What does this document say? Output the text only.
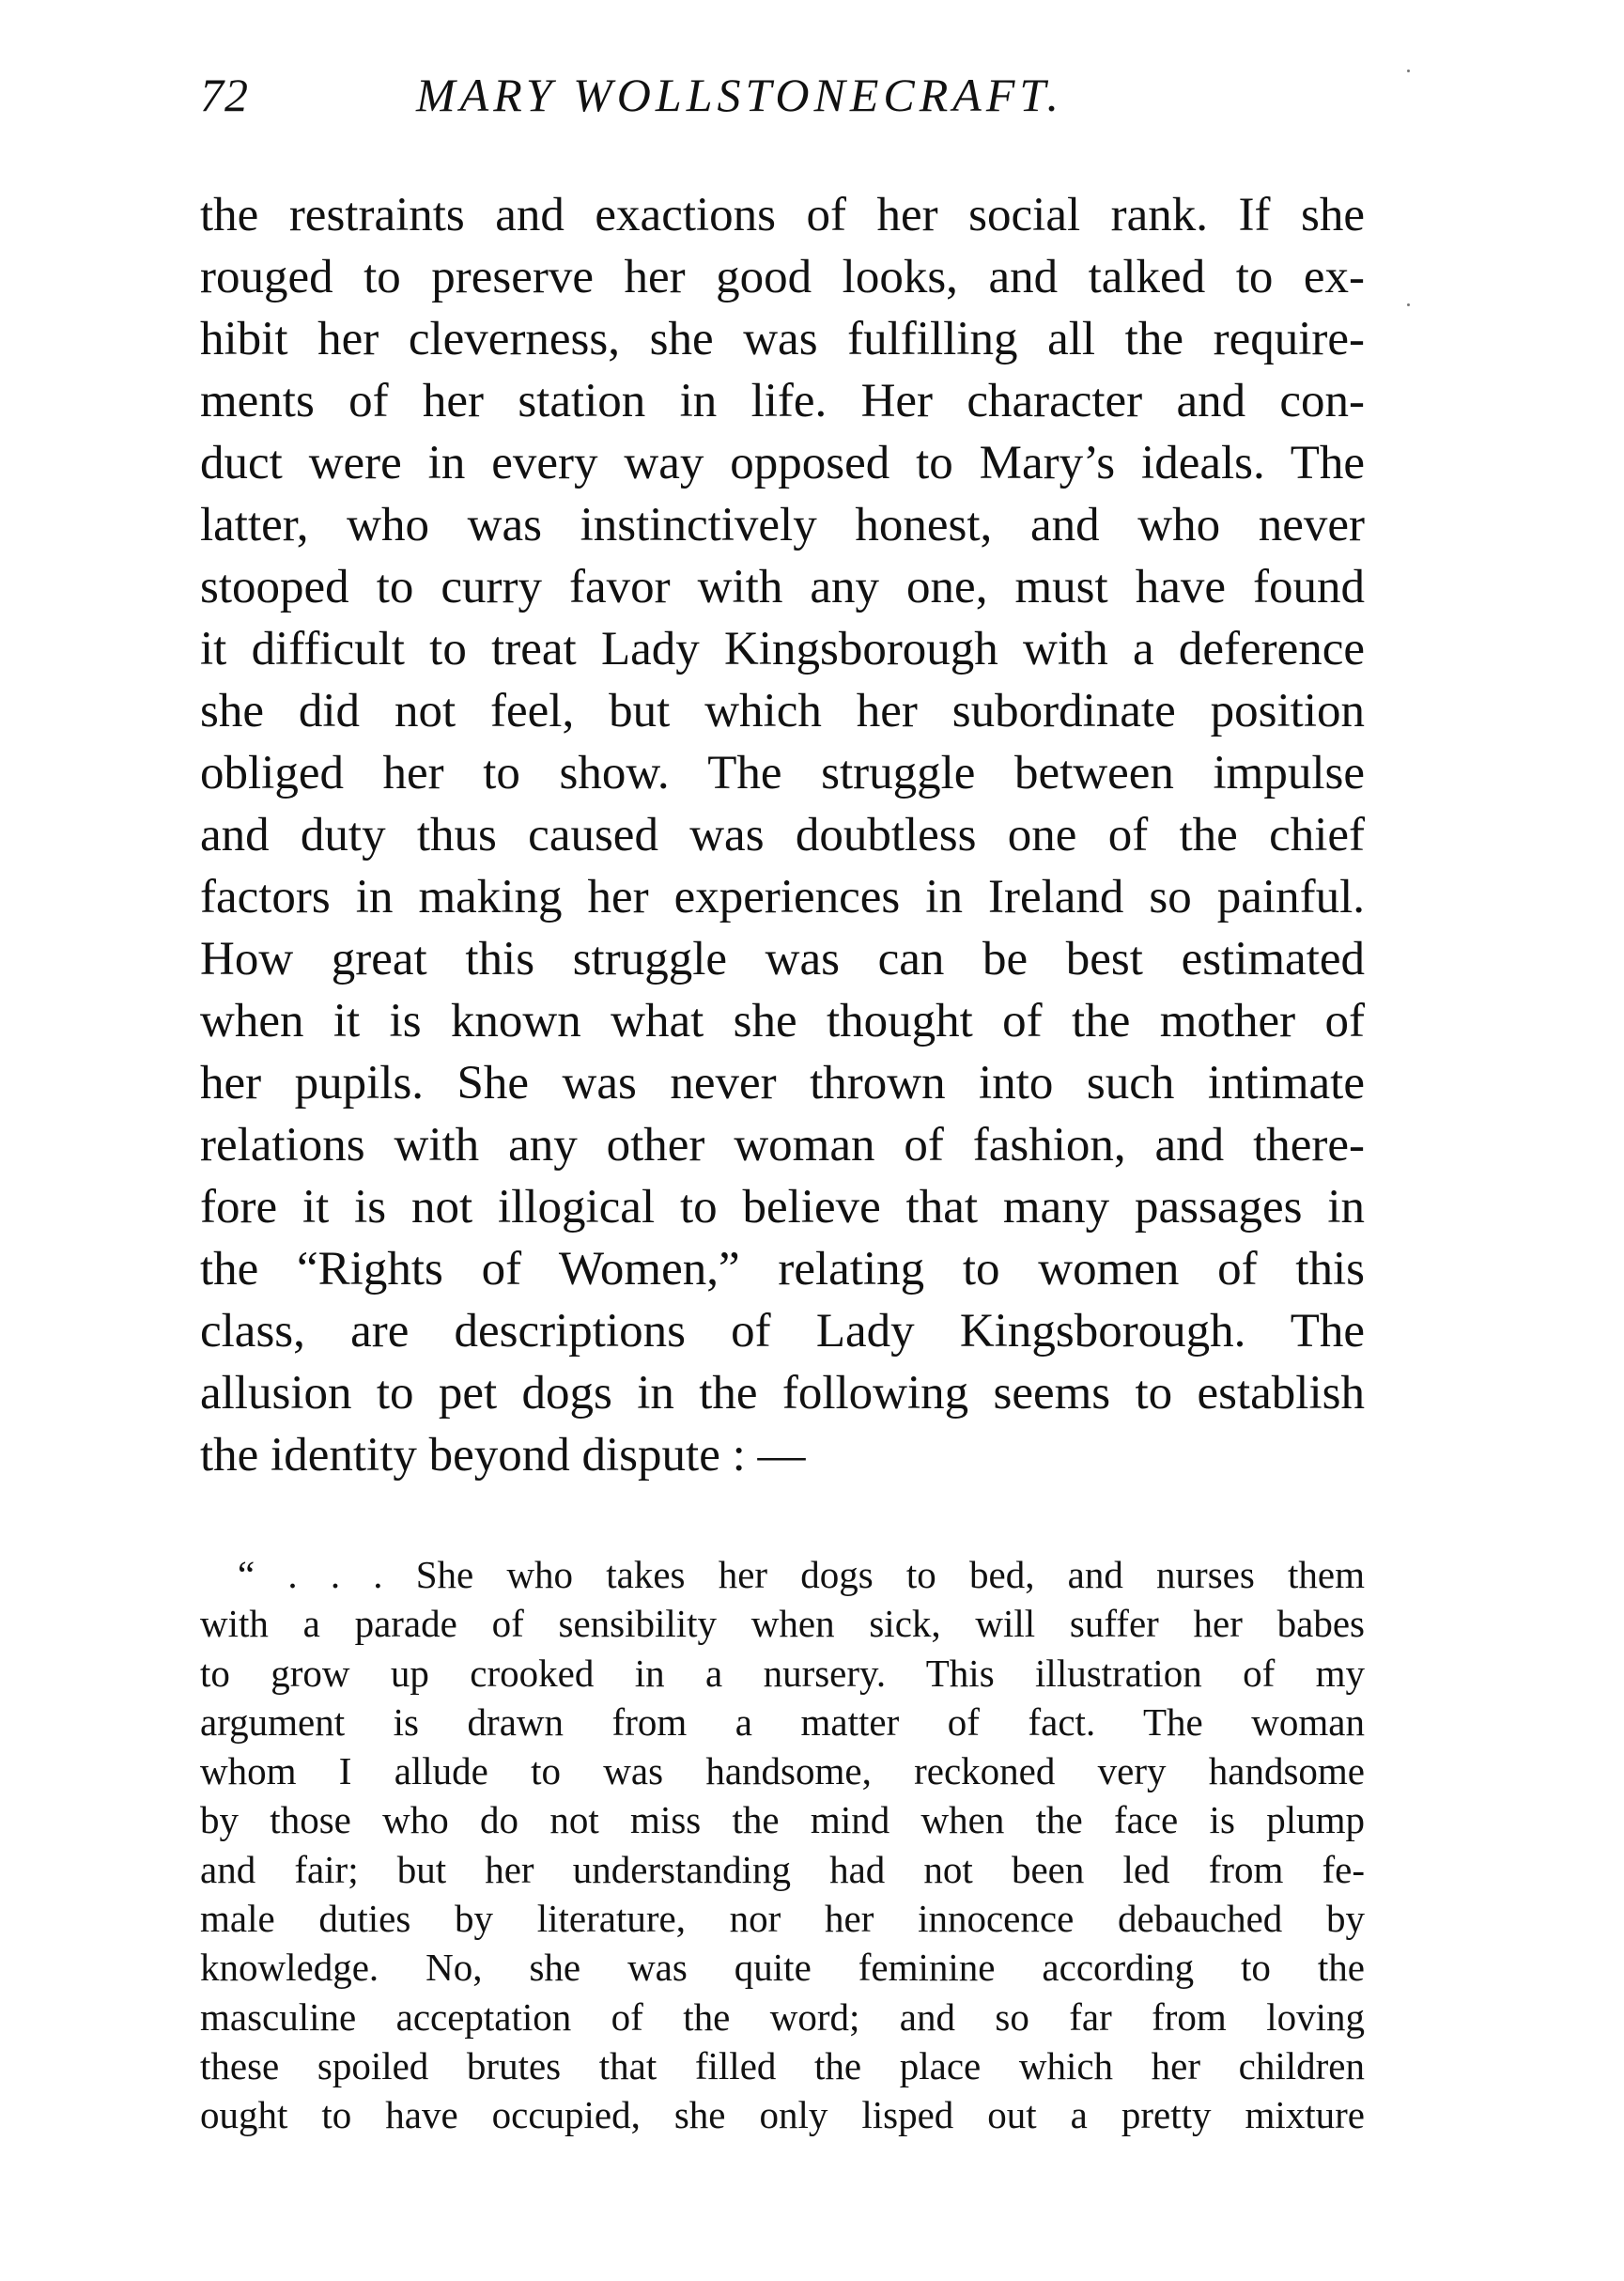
72	MARY WOLLSTONECRAFT.
the restraints and exactions of her social rank. If she
rouged to preserve her good looks, and talked to ex-
hibit her cleverness, she was fulfilling all the require-
ments of her station in life. Her character and con-
duct were in every way opposed to Mary’s ideals. The
latter, who was instinctively honest, and who never
stooped to curry favor with any one, must have found
it difficult to treat Lady Kingsborough with a deference
she did not feel, but which her subordinate position
obliged her to show. The struggle between impulse
and duty thus caused was doubtless one of the chief
factors in making her experiences in Ireland so painful.
How great this struggle was can be best estimated
when it is known what she thought of the mother of
her pupils. She was never thrown into such intimate
relations with any other woman of fashion, and there-
fore it is not illogical to believe that many passages in
the “Rights of Women,” relating to women of this
class, are descriptions of Lady Kingsborough. The
allusion to pet dogs in the following seems to establish
the identity beyond dispute : —
“ . . . She who takes her dogs to bed, and nurses them
with a parade of sensibility when sick, will suffer her babes
to grow up crooked in a nursery. This illustration of my
argument is drawn from a matter of fact. The woman
whom I allude to was handsome, reckoned very handsome
by those who do not miss the mind when the face is plump
and fair; but her understanding had not been led from fe-
male duties by literature, nor her innocence debauched by
knowledge. No, she was quite feminine according to the
masculine acceptation of the word; and so far from loving
these spoiled brutes that filled the place which her children
ought to have occupied, she only lisped out a pretty mixture
